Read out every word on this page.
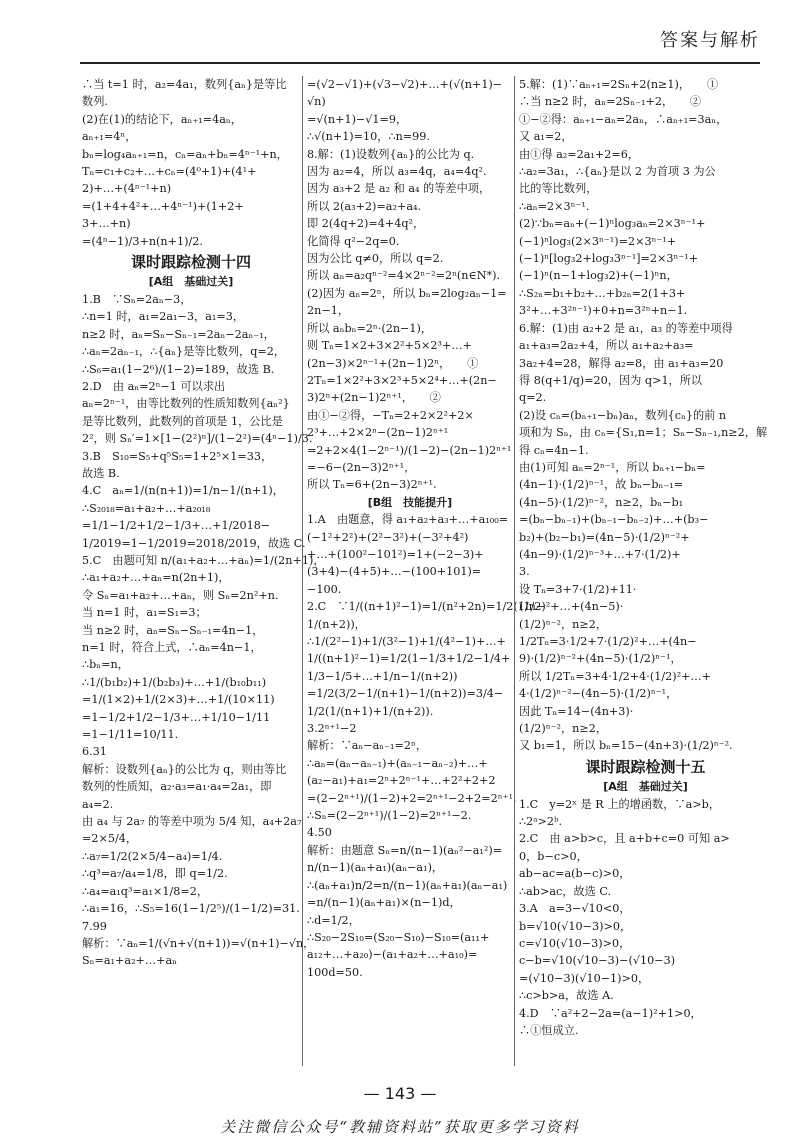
答案与解析

∴当 t=1 时，a₂=4a₁，数列{aₙ}是等比

数列.

(2)在(1)的结论下，aₙ₊₁=4aₙ，

aₙ₊₁=4ⁿ，

bₙ=log₄aₙ₊₁=n，cₙ=aₙ+bₙ=4ⁿ⁻¹+n，

Tₙ=c₁+c₂+…+cₙ=(4⁰+1)+(4¹+

2)+…+(4ⁿ⁻¹+n)

=(1+4+4²+…+4ⁿ⁻¹)+(1+2+

3+…+n)

=(4ⁿ−1)/3+n(n+1)/2.

课时跟踪检测十四

[A组　基础过关]

1.B　∵Sₙ=2aₙ−3，

∴n=1 时，a₁=2a₁−3，a₁=3，

n≥2 时，aₙ=Sₙ−Sₙ₋₁=2aₙ−2aₙ₋₁，

∴aₙ=2aₙ₋₁，∴{aₙ}是等比数列，q=2，

∴S₆=a₁(1−2⁶)/(1−2)=189，故选 B.

2.D　由 aₙ=2ⁿ−1 可以求出

aₙ=2ⁿ⁻¹，由等比数列的性质知数列{aₙ²}

是等比数列，此数列的首项是 1，公比是

2²，则 Sₙ′=1×[1−(2²)ⁿ]/(1−2²)=(4ⁿ−1)/3.

3.B　S₁₀=S₅+q⁵S₅=1+2⁵×1=33，

故选 B.

4.C　aₙ=1/(n(n+1))=1/n−1/(n+1)，

∴S₂₀₁₈=a₁+a₂+…+a₂₀₁₈

=1/1−1/2+1/2−1/3+…+1/2018−

1/2019=1−1/2019=2018/2019，故选 C.

5.C　由题可知 n/(a₁+a₂+…+aₙ)=1/(2n+1)，

∴a₁+a₂+…+aₙ=n(2n+1)，

令 Sₙ=a₁+a₂+…+aₙ，则 Sₙ=2n²+n.

当 n=1 时，a₁=S₁=3；

当 n≥2 时，aₙ=Sₙ−Sₙ₋₁=4n−1，

n=1 时，符合上式，∴aₙ=4n−1，

∴bₙ=n，

∴1/(b₁b₂)+1/(b₂b₃)+…+1/(b₁₀b₁₁)

=1/(1×2)+1/(2×3)+…+1/(10×11)

=1−1/2+1/2−1/3+…+1/10−1/11

=1−1/11=10/11.

6.31

解析：设数列{aₙ}的公比为 q，则由等比

数列的性质知，a₂·a₃=a₁·a₄=2a₁，即

a₄=2.

由 a₄ 与 2a₇ 的等差中项为 5/4 知，a₄+2a₇

=2×5/4，

∴a₇=1/2(2×5/4−a₄)=1/4.

∴q³=a₇/a₄=1/8，即 q=1/2.

∴a₄=a₁q³=a₁×1/8=2，

∴a₁=16，∴S₅=16(1−1/2⁵)/(1−1/2)=31.

7.99

解析：∵aₙ=1/(√n+√(n+1))=√(n+1)−√n，

Sₙ=a₁+a₂+…+aₙ

=(√2−√1)+(√3−√2)+…+(√(n+1)−

√n)

=√(n+1)−√1=9，

∴√(n+1)=10，∴n=99.

8.解：(1)设数列{aₙ}的公比为 q.

因为 a₂=4，所以 a₃=4q，a₄=4q².

因为 a₃+2 是 a₂ 和 a₄ 的等差中项，

所以 2(a₃+2)=a₂+a₄.

即 2(4q+2)=4+4q²，

化简得 q²−2q=0.

因为公比 q≠0，所以 q=2.

所以 aₙ=a₂qⁿ⁻²=4×2ⁿ⁻²=2ⁿ(n∈N*).

(2)因为 aₙ=2ⁿ，所以 bₙ=2log₂aₙ−1=

2n−1，

所以 aₙbₙ=2ⁿ·(2n−1)，

则 Tₙ=1×2+3×2²+5×2³+…+

(2n−3)×2ⁿ⁻¹+(2n−1)2ⁿ，　　①

2Tₙ=1×2²+3×2³+5×2⁴+…+(2n−

3)2ⁿ+(2n−1)2ⁿ⁺¹，　　②

由①−②得，−Tₙ=2+2×2²+2×

2³+…+2×2ⁿ−(2n−1)2ⁿ⁺¹

=2+2×4(1−2ⁿ⁻¹)/(1−2)−(2n−1)2ⁿ⁺¹

=−6−(2n−3)2ⁿ⁺¹，

所以 Tₙ=6+(2n−3)2ⁿ⁺¹.

[B组　技能提升]

1.A　由题意，得 a₁+a₂+a₃+…+a₁₀₀=

(−1²+2²)+(2²−3²)+(−3²+4²)

+…+(100²−101²)=1+(−2−3)+

(3+4)−(4+5)+…−(100+101)=

−100.

2.C　∵1/((n+1)²−1)=1/(n²+2n)=1/2(1/n−

1/(n+2))，

∴1/(2²−1)+1/(3²−1)+1/(4²−1)+…+

1/((n+1)²−1)=1/2(1−1/3+1/2−1/4+

1/3−1/5+…+1/n−1/(n+2))

=1/2(3/2−1/(n+1)−1/(n+2))=3/4−

1/2(1/(n+1)+1/(n+2)).

3.2ⁿ⁺¹−2

解析：∵aₙ−aₙ₋₁=2ⁿ，

∴aₙ=(aₙ−aₙ₋₁)+(aₙ₋₁−aₙ₋₂)+…+

(a₂−a₁)+a₁=2ⁿ+2ⁿ⁻¹+…+2²+2+2

=(2−2ⁿ⁺¹)/(1−2)+2=2ⁿ⁺¹−2+2=2ⁿ⁺¹.

∴Sₙ=(2−2ⁿ⁺¹)/(1−2)=2ⁿ⁺¹−2.

4.50

解析：由题意 Sₙ=n/(n−1)(aₙ²−a₁²)=

n/(n−1)(aₙ+a₁)(aₙ−a₁)，

∴(aₙ+a₁)n/2=n/(n−1)(aₙ+a₁)(aₙ−a₁)

=n/(n−1)(aₙ+a₁)×(n−1)d，

∴d=1/2，

∴S₂₀−2S₁₀=(S₂₀−S₁₀)−S₁₀=(a₁₁+

a₁₂+…+a₂₀)−(a₁+a₂+…+a₁₀)=

100d=50.

5.解：(1)∵aₙ₊₁=2Sₙ+2(n≥1)，　　①

∴当 n≥2 时，aₙ=2Sₙ₋₁+2，　　②

①−②得：aₙ₊₁−aₙ=2aₙ，∴aₙ₊₁=3aₙ，

又 a₁=2，

由①得 a₂=2a₁+2=6，

∴a₂=3a₁，∴{aₙ}是以 2 为首项 3 为公

比的等比数列，

∴aₙ=2×3ⁿ⁻¹.

(2)∵bₙ=aₙ+(−1)ⁿlog₃aₙ=2×3ⁿ⁻¹+

(−1)ⁿlog₃(2×3ⁿ⁻¹)=2×3ⁿ⁻¹+

(−1)ⁿ[log₃2+log₃3ⁿ⁻¹]=2×3ⁿ⁻¹+

(−1)ⁿ(n−1+log₃2)+(−1)ⁿn，

∴S₂ₙ=b₁+b₂+…+b₂ₙ=2(1+3+

3²+…+3²ⁿ⁻¹)+0+n=3²ⁿ+n−1.

6.解：(1)由 a₂+2 是 a₁，a₃ 的等差中项得

a₁+a₃=2a₂+4，所以 a₁+a₂+a₃=

3a₂+4=28，解得 a₂=8，由 a₁+a₃=20

得 8(q+1/q)=20，因为 q>1，所以

q=2.

(2)设 cₙ=(bₙ₊₁−bₙ)aₙ，数列{cₙ}的前 n

项和为 Sₙ，由 cₙ={S₁,n=1；Sₙ−Sₙ₋₁,n≥2，解

得 cₙ=4n−1.

由(1)可知 aₙ=2ⁿ⁻¹，所以 bₙ₊₁−bₙ=

(4n−1)·(1/2)ⁿ⁻¹，故 bₙ−bₙ₋₁=

(4n−5)·(1/2)ⁿ⁻²，n≥2，bₙ−b₁

=(bₙ−bₙ₋₁)+(bₙ₋₁−bₙ₋₂)+…+(b₃−

b₂)+(b₂−b₁)=(4n−5)·(1/2)ⁿ⁻²+

(4n−9)·(1/2)ⁿ⁻³+…+7·(1/2)+

3.

设 Tₙ=3+7·(1/2)+11·

(1/2)²+…+(4n−5)·

(1/2)ⁿ⁻²，n≥2，

1/2Tₙ=3·1/2+7·(1/2)²+…+(4n−

9)·(1/2)ⁿ⁻²+(4n−5)·(1/2)ⁿ⁻¹，

所以 1/2Tₙ=3+4·1/2+4·(1/2)²+…+

4·(1/2)ⁿ⁻²−(4n−5)·(1/2)ⁿ⁻¹，

因此 Tₙ=14−(4n+3)·

(1/2)ⁿ⁻²，n≥2，

又 b₁=1，所以 bₙ=15−(4n+3)·(1/2)ⁿ⁻².

课时跟踪检测十五

[A组　基础过关]

1.C　y=2ˣ 是 R 上的增函数，∵a>b，

∴2ᵃ>2ᵇ.

2.C　由 a>b>c，且 a+b+c=0 可知 a>

0，b−c>0，

ab−ac=a(b−c)>0，

∴ab>ac，故选 C.

3.A　a=3−√10<0，

b=√10(√10−3)>0，

c=√10(√10−3)>0，

c−b=√10(√10−3)−(√10−3)

=(√10−3)(√10−1)>0，

∴c>b>a，故选 A.

4.D　∵a²+2−2a=(a−1)²+1>0，

∴①恒成立.

— 143 —
关注微信公众号“教辅资料站”获取更多学习资料
